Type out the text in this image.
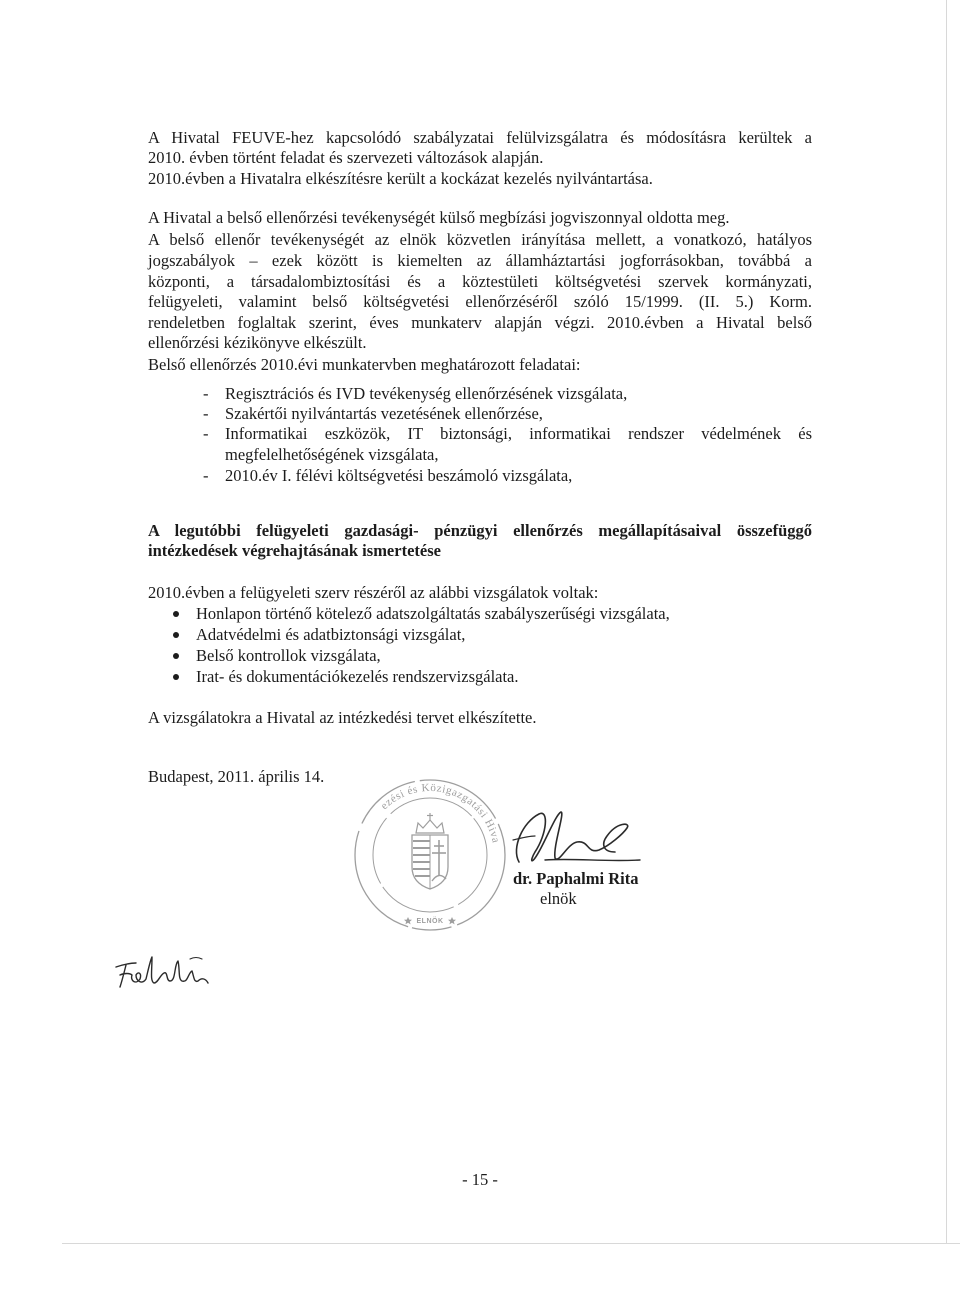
A Hivatal FEUVE-hez kapcsolódó szabályzatai felülvizsgálatra és módosításra kerültek a
2010. évben történt feladat és szervezeti változások alapján.
2010.évben a Hivatalra elkészítésre került a kockázat kezelés nyilvántartása.
A Hivatal a belső ellenőrzési tevékenységét külső megbízási jogviszonnyal oldotta meg.
A belső ellenőr tevékenységét az elnök közvetlen irányítása mellett, a vonatkozó, hatályos
jogszabályok – ezek között is kiemelten az államháztartási jogforrásokban, továbbá a
központi, a társadalombiztosítási és a köztestületi költségvetési szervek kormányzati,
felügyeleti, valamint belső költségvetési ellenőrzéséről szóló 15/1999. (II. 5.) Korm.
rendeletben foglaltak szerint, éves munkaterv alapján végzi. 2010.évben a Hivatal belső
ellenőrzési kézikönyve elkészült.
Belső ellenőrzés 2010.évi munkatervben meghatározott feladatai:
- Regisztrációs és IVD tevékenység ellenőrzésének vizsgálata,
- Szakértői nyilvántartás vezetésének ellenőrzése,
- Informatikai eszközök, IT biztonsági, informatikai rendszer védelmének és
megfelelhetőségének vizsgálata,
- 2010.év I. félévi költségvetési beszámoló vizsgálata,
A legutóbbi felügyeleti gazdasági- pénzügyi ellenőrzés megállapításaival összefüggő
intézkedések végrehajtásának ismertetése
2010.évben a felügyeleti szerv részéről az alábbi vizsgálatok voltak:
Honlapon történő kötelező adatszolgáltatás szabályszerűségi vizsgálata,
Adatvédelmi és adatbiztonsági vizsgálat,
Belső kontrollok vizsgálata,
Irat- és dokumentációkezelés rendszervizsgálata.
A vizsgálatokra a Hivatal az intézkedési tervet elkészítette.
Budapest, 2011. április 14.
ezési és Közigazgatási Hiva
ELNÖK
dr. Paphalmi Rita
elnök
- 15 -
